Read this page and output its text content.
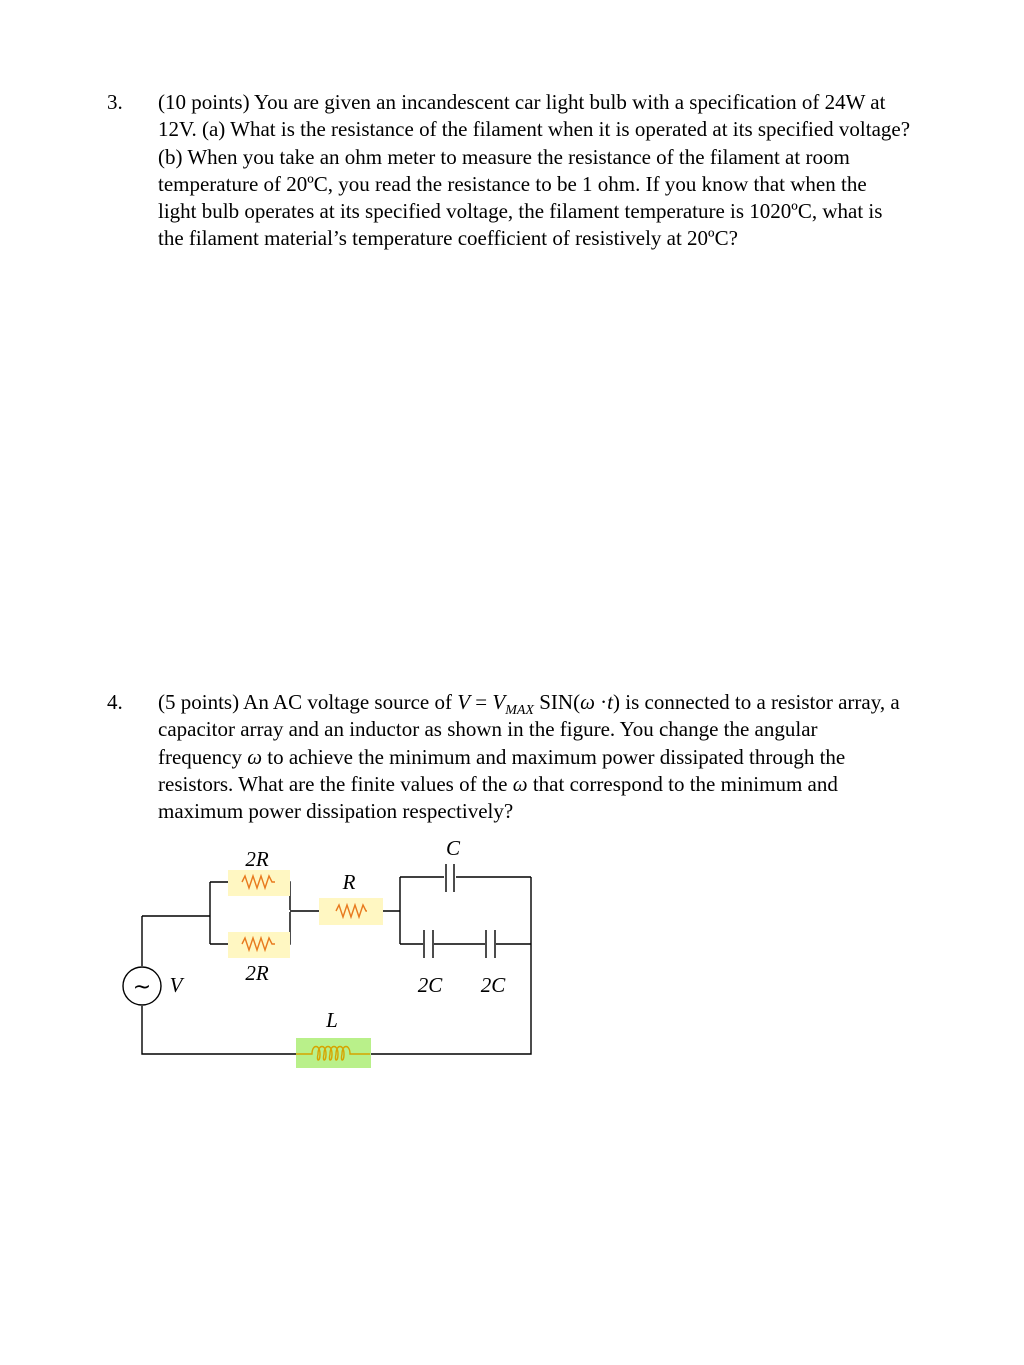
3. (10 points) You are given an incandescent car light bulb with a specification of 24W at
12V. (a) What is the resistance of the filament when it is operated at its specified voltage?
(b) When you take an ohm meter to measure the resistance of the filament at room
temperature of 20ºC, you read the resistance to be 1 ohm. If you know that when the
light bulb operates at its specified voltage, the filament temperature is 1020ºC, what is
the filament material’s temperature coefficient of resistively at 20ºC?
4. (5 points) An AC voltage source of $V = V_{MAX}$ SIN(ω ·t) is connected to a resistor array, a
capacitor array and an inductor as shown in the figure. You change the angular
frequency ω to achieve the minimum and maximum power dissipated through the
resistors. What are the finite values of the ω that correspond to the minimum and
maximum power dissipation respectively?
~
2R
2R
R
C
2C 2C
L
V
